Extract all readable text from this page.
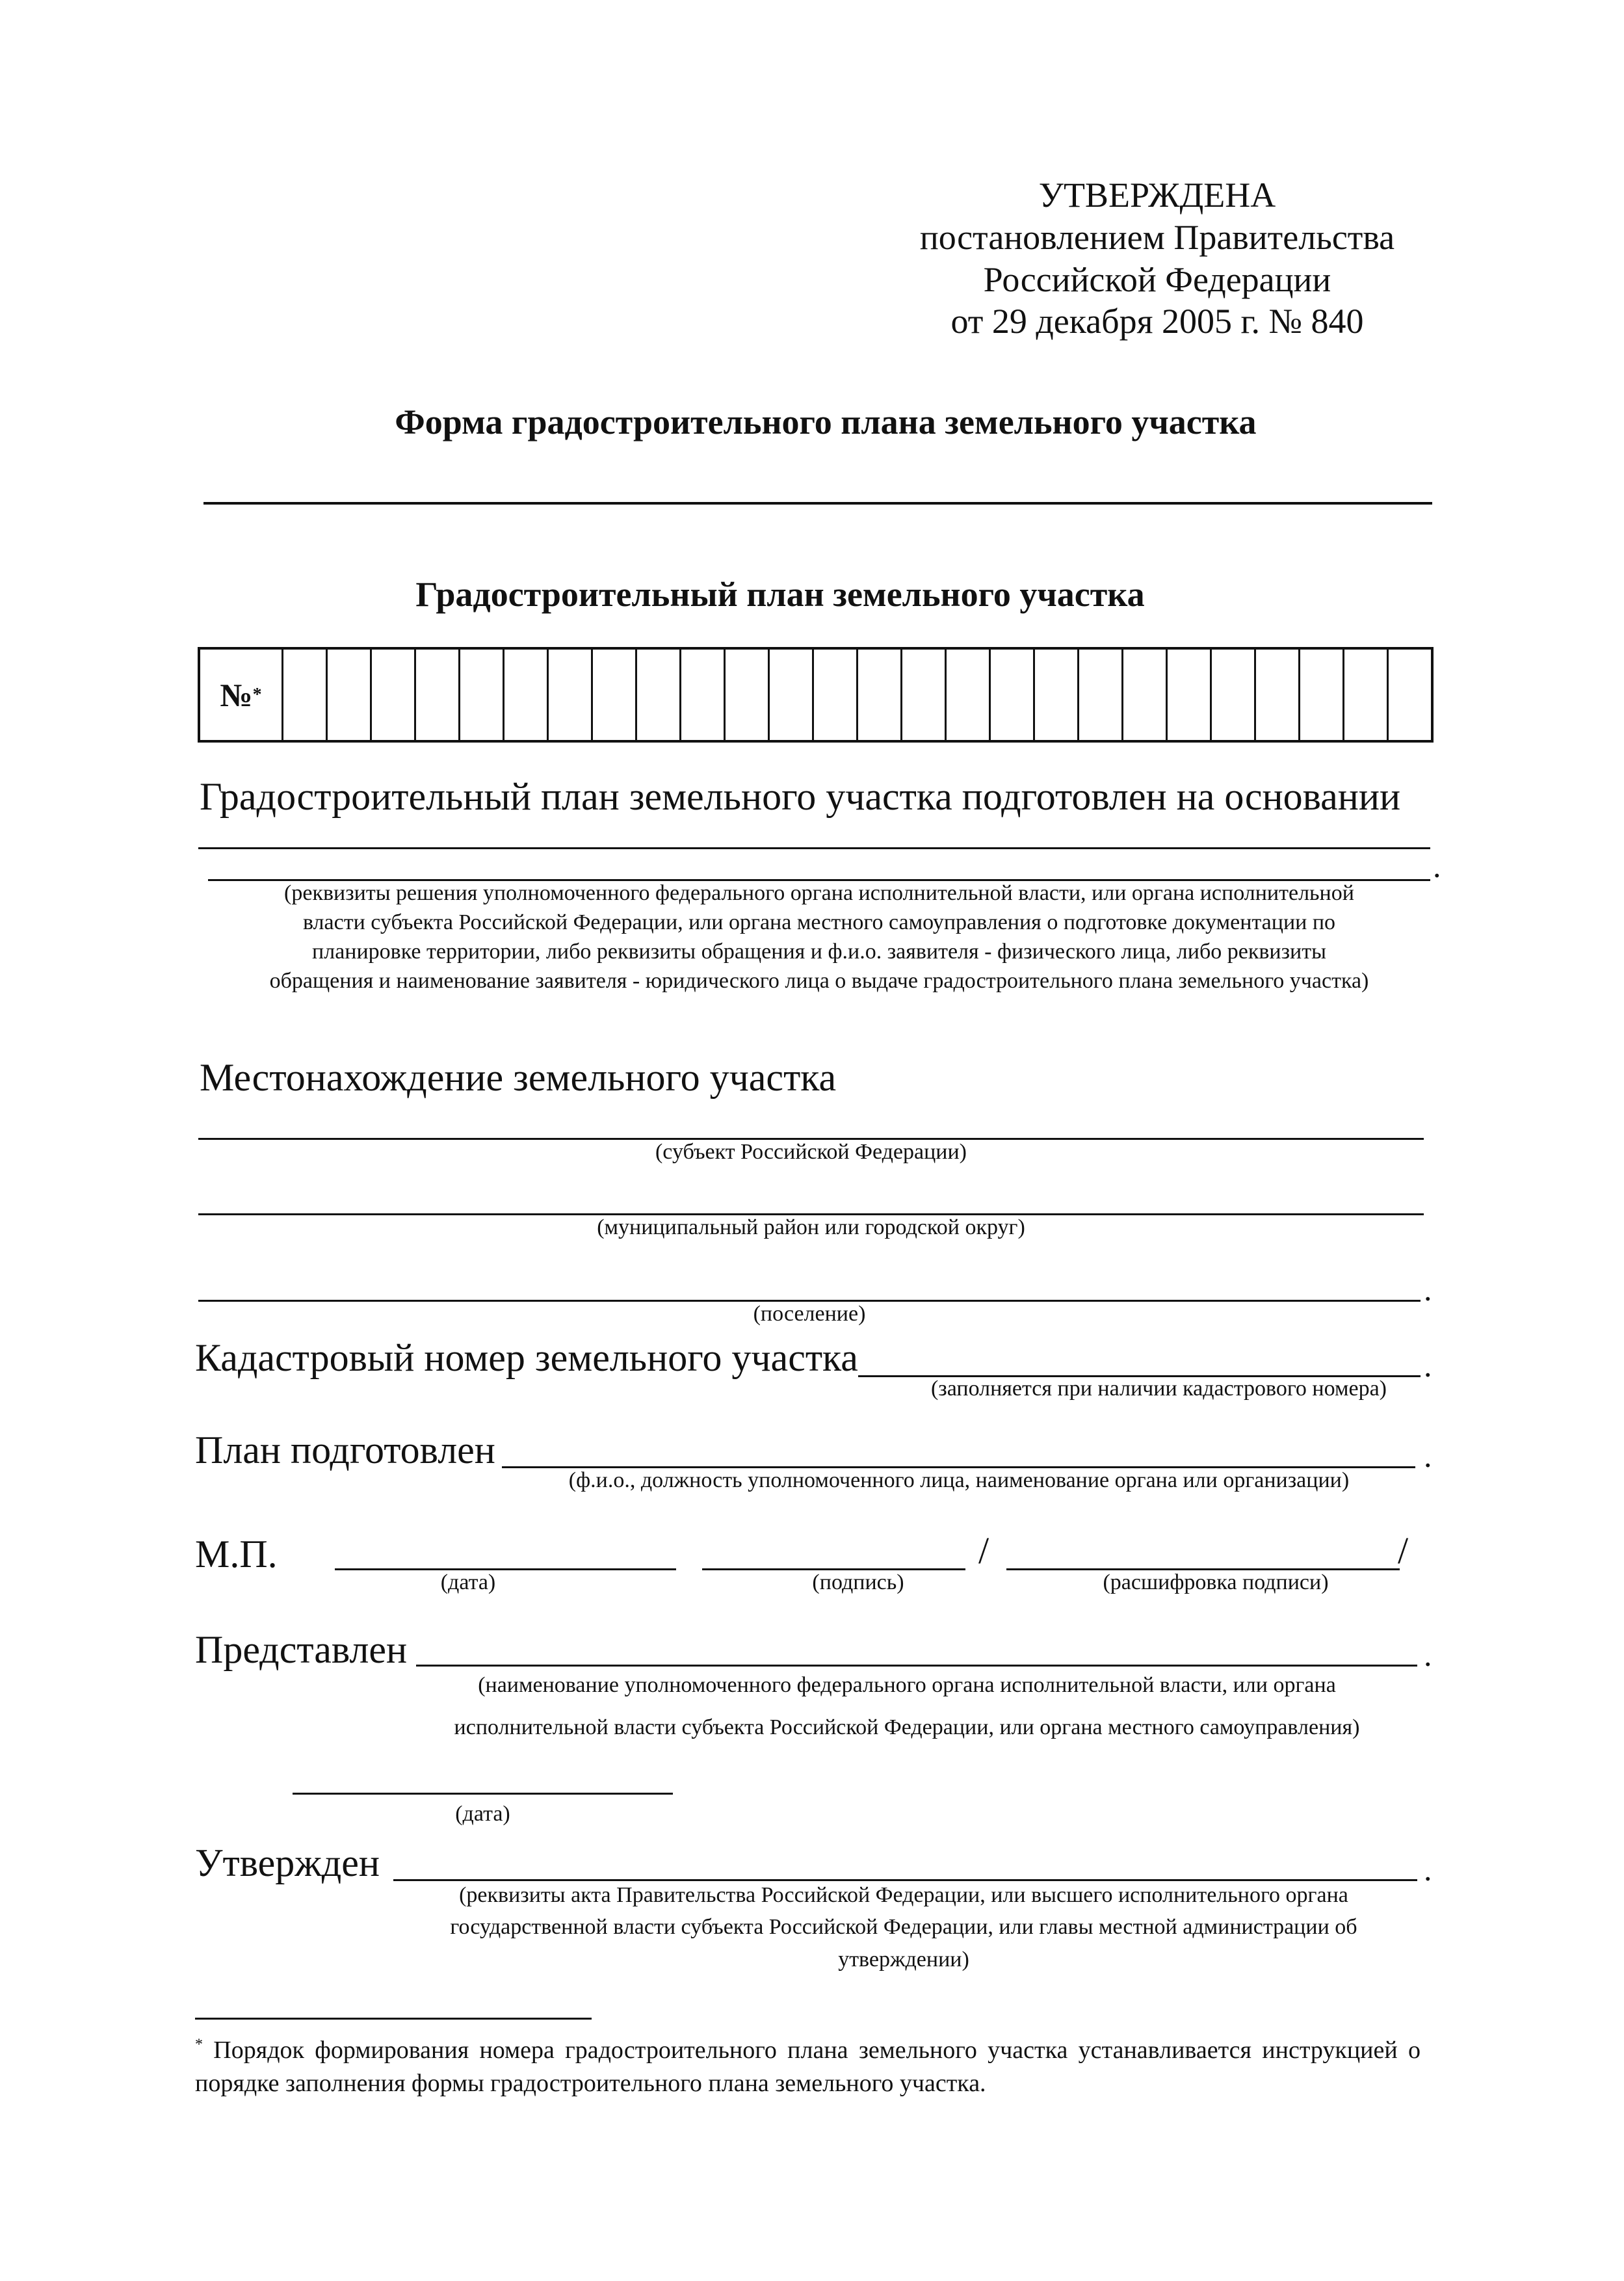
УТВЕРЖДЕНА
постановлением Правительства
Российской Федерации
от 29 декабря 2005 г. № 840
Форма градостроительного плана земельного участка
Градостроительный план земельного участка
№ *
Градостроительный план земельного участка подготовлен на основании
.
(реквизиты решения уполномоченного федерального органа исполнительной власти, или органа исполнительной
власти субъекта Российской Федерации, или органа местного самоуправления о подготовке документации по
планировке территории, либо реквизиты обращения и ф.и.о. заявителя - физического лица, либо реквизиты
обращения и наименование заявителя - юридического лица о выдаче градостроительного плана земельного участка)
Местонахождение земельного участка
(субъект Российской Федерации)
(муниципальный район или городской округ)
.
(поселение)
Кадастровый номер земельного участка	.
(заполняется при наличии кадастрового номера)
План подготовлен	.
(ф.и.о., должность уполномоченного лица, наименование органа или организации)
М.П.
(дата)	(подпись)
/
(расшифровка подписи)
/
Представлен	.
(наименование уполномоченного федерального органа исполнительной власти, или органа
исполнительной власти субъекта Российской Федерации, или органа местного самоуправления)
(дата)
Утвержден	.
(реквизиты акта Правительства Российской Федерации, или высшего исполнительного органа
государственной власти субъекта Российской Федерации, или главы местной администрации об
утверждении)
* Порядок формирования номера градостроительного плана земельного участка устанавливается инструкцией о порядке заполнения формы градостроительного плана земельного участка.
